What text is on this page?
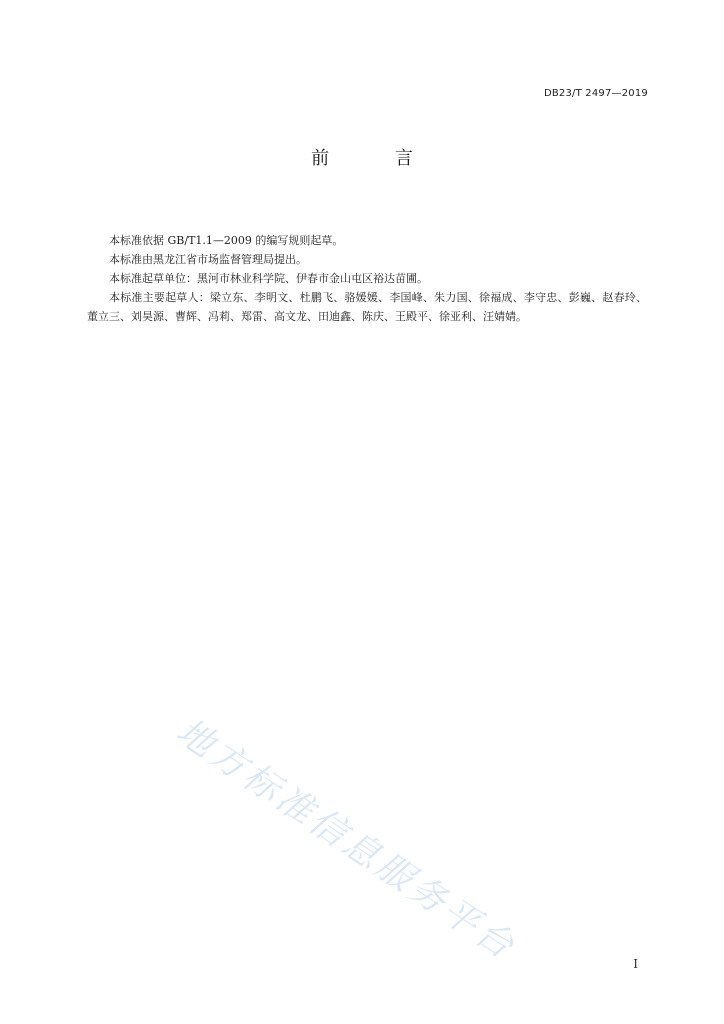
DB23/T 2497—2019
前 言

本标准依据 GB/T1.1—2009 的编写规则起草。

本标准由黑龙江省市场监督管理局提出。

本标准起草单位：黑河市林业科学院、伊春市金山屯区裕达苗圃。

本标准主要起草人：梁立东、李明文、杜鹏飞、骆媛媛、李国峰、朱力国、徐福成、李守忠、彭巍、赵春玲、董立三、刘昊源、曹辉、冯莉、郑雷、高文龙、田迪鑫、陈庆、王殿平、徐亚利、汪婧婧。

地方标准信息服务平台	I
